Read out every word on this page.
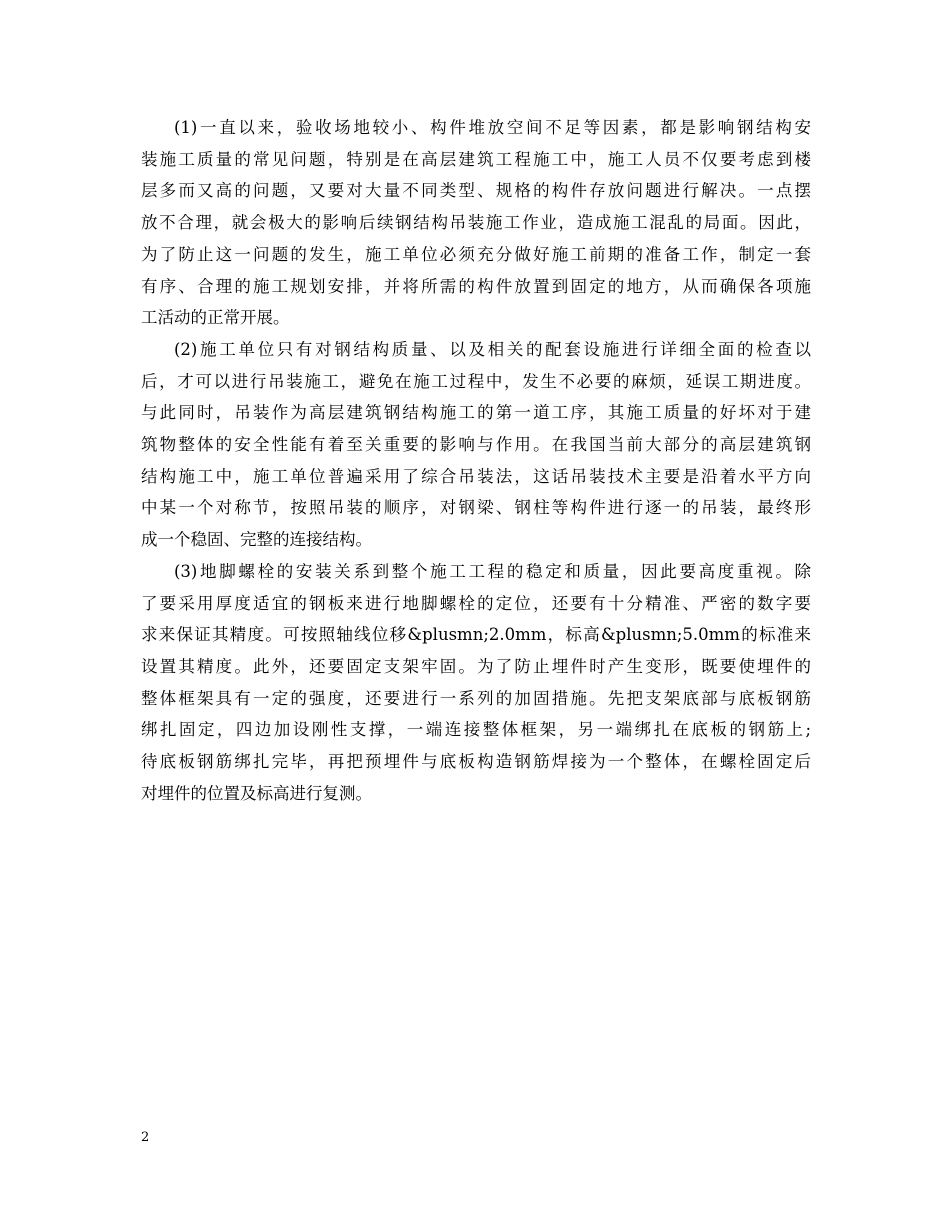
(1)一直以来，验收场地较小、构件堆放空间不足等因素，都是影响钢结构安
装施工质量的常见问题，特别是在高层建筑工程施工中，施工人员不仅要考虑到楼
层多而又高的问题，又要对大量不同类型、规格的构件存放问题进行解决。一点摆
放不合理，就会极大的影响后续钢结构吊装施工作业，造成施工混乱的局面。因此，
为了防止这一问题的发生，施工单位必须充分做好施工前期的准备工作，制定一套
有序、合理的施工规划安排，并将所需的构件放置到固定的地方，从而确保各项施
工活动的正常开展。

(2)施工单位只有对钢结构质量、以及相关的配套设施进行详细全面的检查以
后，才可以进行吊装施工，避免在施工过程中，发生不必要的麻烦，延误工期进度。
与此同时，吊装作为高层建筑钢结构施工的第一道工序，其施工质量的好坏对于建
筑物整体的安全性能有着至关重要的影响与作用。在我国当前大部分的高层建筑钢
结构施工中，施工单位普遍采用了综合吊装法，这话吊装技术主要是沿着水平方向
中某一个对称节，按照吊装的顺序，对钢梁、钢柱等构件进行逐一的吊装，最终形
成一个稳固、完整的连接结构。

(3)地脚螺栓的安装关系到整个施工工程的稳定和质量，因此要高度重视。除
了要采用厚度适宜的钢板来进行地脚螺栓的定位，还要有十分精准、严密的数字要
求来保证其精度。可按照轴线位移&plusmn;2.0mm，标高&plusmn;5.0mm的标准来
设置其精度。此外，还要固定支架牢固。为了防止埋件时产生变形，既要使埋件的
整体框架具有一定的强度，还要进行一系列的加固措施。先把支架底部与底板钢筋
绑扎固定，四边加设刚性支撑，一端连接整体框架，另一端绑扎在底板的钢筋上;
待底板钢筋绑扎完毕，再把预埋件与底板构造钢筋焊接为一个整体，在螺栓固定后
对埋件的位置及标高进行复测。

2
